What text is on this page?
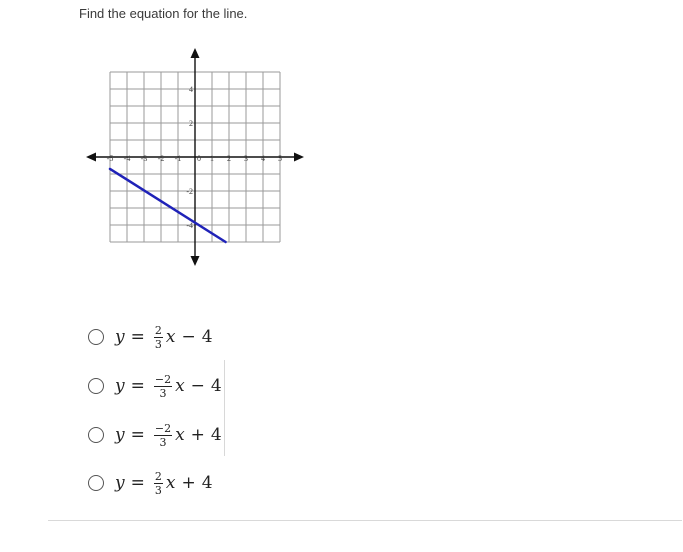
Find the equation for the line.

-5 -4 -3 -2 -1 0 1 2 3 4 5
4
2
-2
-4
$y = \frac{2}{3}$ x − 4
$y = \frac{-2}{3}$ x − 4
$y = \frac{-2}{3}$ x + 4
$y = \frac{2}{3}$ x + 4
